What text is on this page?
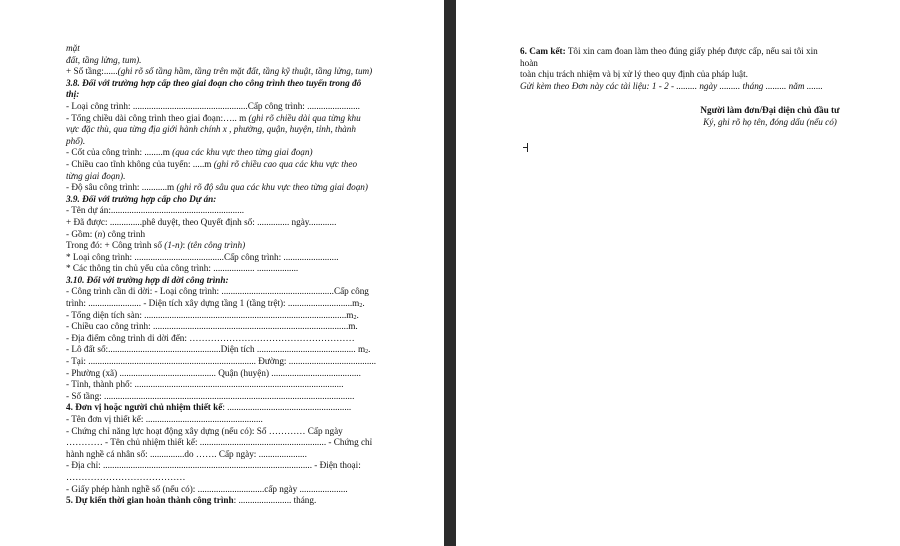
mặt
đất, tầng lửng, tum).
+ Số tầng:......(ghi rõ số tầng hầm, tầng trên mặt đất, tầng kỹ thuật, tầng lửng, tum)
3.8. Đối với trường hợp cấp theo giai đoạn cho công trình theo tuyến trong đô
thị:
- Loại công trình: ..................................................Cấp công trình: .......................
- Tổng chiều dài công trình theo giai đoạn:….. m (ghi rõ chiều dài qua từng khu
vực đặc thù, qua từng địa giới hành chính x , phường, quận, huyện, tỉnh, thành
phố).
- Cốt của công trình: ........m (qua các khu vực theo từng giai đoạn)
- Chiều cao tĩnh không của tuyến: .....m (ghi rõ chiều cao qua các khu vực theo
từng giai đoạn).
- Độ sâu công trình: ...........m (ghi rõ độ sâu qua các khu vực theo từng giai đoạn)
3.9. Đối với trường hợp cấp cho Dự án:
- Tên dự án:..........................................................
+ Đã được: ..............phê duyệt, theo Quyết định số: .............. ngày............
- Gồm: (n) công trình
Trong đó: + Công trình số (1-n): (tên công trình)
* Loại công trình: .......................................Cấp công trình: ........................
* Các thông tin chủ yếu của công trình: .................. ..................
3.10. Đối với trường hợp di dời công trình:
- Công trình cần di dời: - Loại công trình: .................................................Cấp công
trình: ....................... - Diện tích xây dựng tầng 1 (tầng trệt): $............................m_2$.
- Tổng diện tích sàn: $........................................................................................m_2$.
- Chiều cao công trình: .....................................................................................m.
- Địa điểm công trình di dời đến: ………………………………………………
- Lô đất số:.................................................Diện tích ........................................... $m_2$.
- Tại: ......................................................................... Đường: ......................................
- Phường (xã) .......................................... Quận (huyện) .......................................
- Tỉnh, thành phố: ...........................................................................................
- Số tầng: .............................................................................................................
4. Đơn vị hoặc người chủ nhiệm thiết kế: ......................................................
- Tên đơn vị thiết kế: ...................................................
- Chứng chỉ năng lực hoạt động xây dựng (nếu có): Số ………… Cấp ngày
………… - Tên chủ nhiệm thiết kế: ....................................................... - Chứng chỉ
hành nghề cá nhân số: ...............do ……. Cấp ngày: .....................
- Địa chỉ: ........................................................................................... - Điện thoại:
…………………………………
- Giấy phép hành nghề số (nếu có): .............................cấp ngày .....................
5. Dự kiến thời gian hoàn thành công trình: ....................... tháng.
6. Cam kết: Tôi xin cam đoan làm theo đúng giấy phép được cấp, nếu sai tôi xin
hoàn
toàn chịu trách nhiệm và bị xử lý theo quy định của pháp luật.
Gửi kèm theo Đơn này các tài liệu: 1 - 2 - ......... ngày ......... tháng ......... năm .......
Người làm đơn/Đại diện chủ đầu tư
Ký, ghi rõ họ tên, đóng dấu (nếu có)
